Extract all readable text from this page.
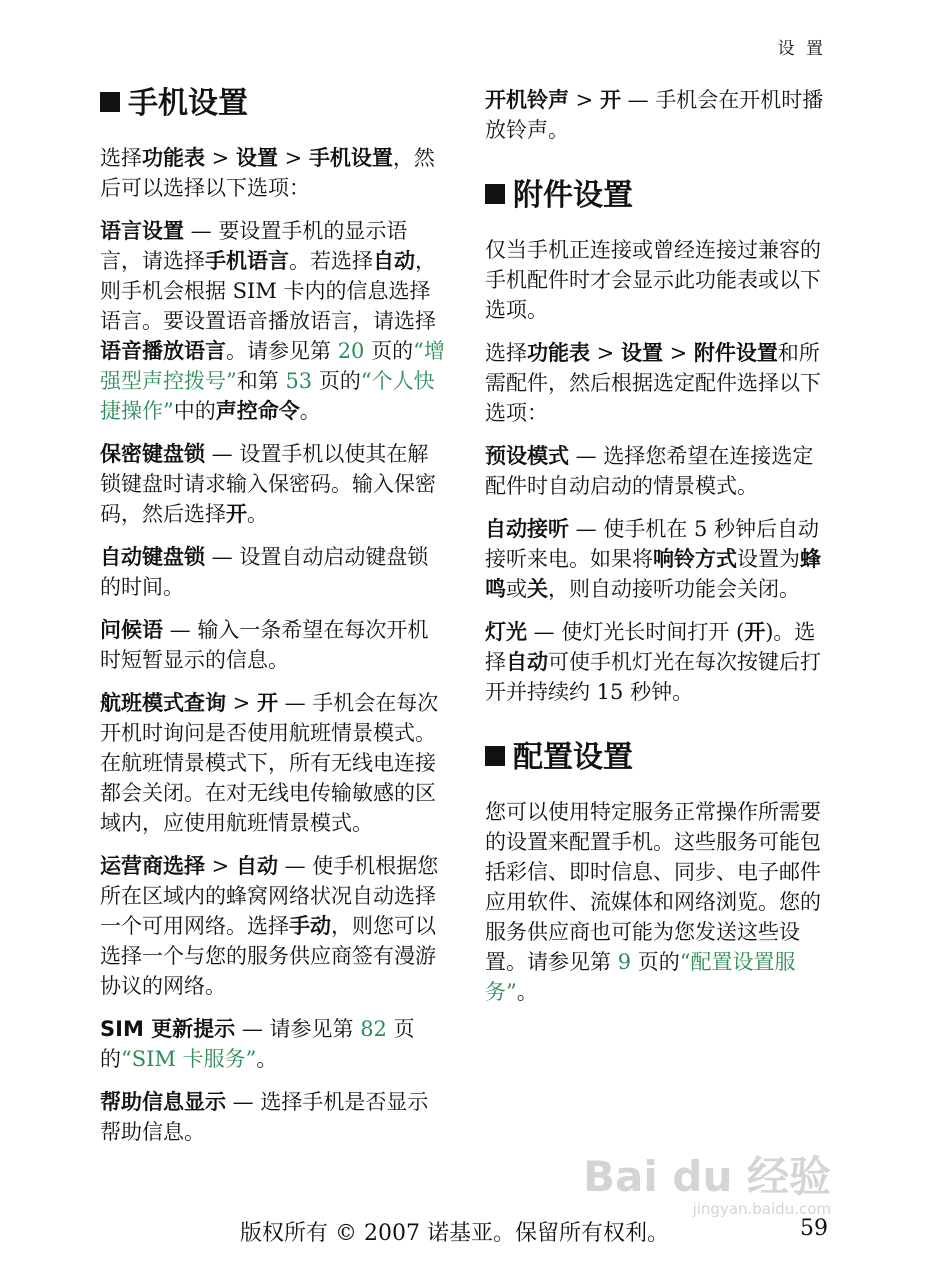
设 置
手机设置

选择功能表 > 设置 > 手机设置，然后可以选择以下选项：

语言设置 — 要设置手机的显示语言，请选择手机语言。若选择自动，则手机会根据 SIM 卡内的信息选择语言。要设置语音播放语言，请选择语音播放语言。请参见第 20 页的“增强型声控拨号”和第 53 页的“个人快捷操作”中的声控命令。

保密键盘锁 — 设置手机以使其在解锁键盘时请求输入保密码。输入保密码，然后选择开。

自动键盘锁 — 设置自动启动键盘锁的时间。

问候语 — 输入一条希望在每次开机时短暂显示的信息。

航班模式查询 > 开 — 手机会在每次开机时询问是否使用航班情景模式。在航班情景模式下，所有无线电连接都会关闭。在对无线电传输敏感的区域内，应使用航班情景模式。

运营商选择 > 自动 — 使手机根据您所在区域内的蜂窝网络状况自动选择一个可用网络。选择手动，则您可以选择一个与您的服务供应商签有漫游协议的网络。

SIM 更新提示 — 请参见第 82 页的“SIM 卡服务”。

帮助信息显示 — 选择手机是否显示帮助信息。

开机铃声 > 开 — 手机会在开机时播放铃声。

附件设置

仅当手机正连接或曾经连接过兼容的手机配件时才会显示此功能表或以下选项。

选择功能表 > 设置 > 附件设置和所需配件，然后根据选定配件选择以下选项：

预设模式 — 选择您希望在连接选定配件时自动启动的情景模式。

自动接听 — 使手机在 5 秒钟后自动接听来电。如果将响铃方式设置为蜂鸣或关，则自动接听功能会关闭。

灯光 — 使灯光长时间打开 (开)。选择自动可使手机灯光在每次按键后打开并持续约 15 秒钟。

配置设置

您可以使用特定服务正常操作所需要的设置来配置手机。这些服务可能包括彩信、即时信息、同步、电子邮件应用软件、流媒体和网络浏览。您的服务供应商也可能为您发送这些设置。请参见第 9 页的“配置设置服务”。

Bai du 经验
jingyan.baidu.com
版权所有 © 2007 诺基亚。保留所有权利。	59
